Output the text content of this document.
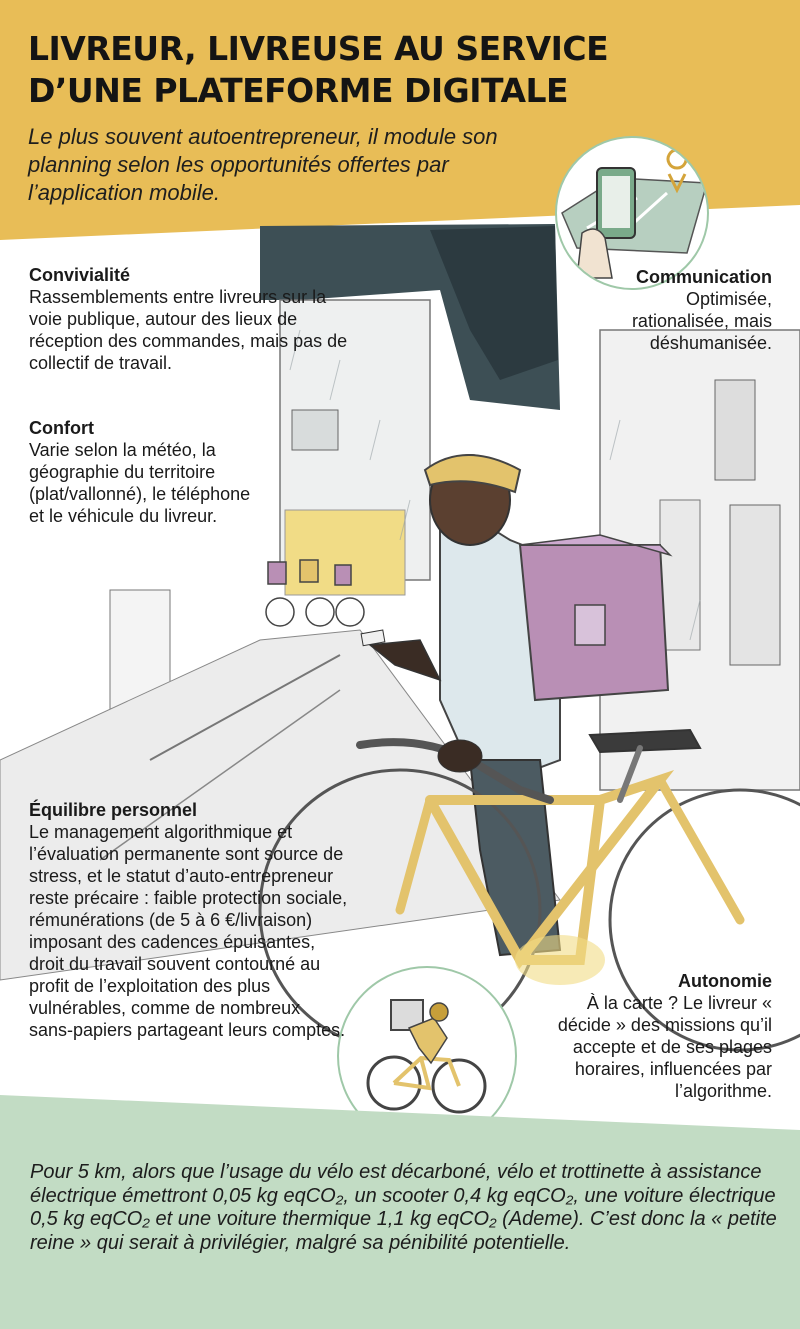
LIVREUR, LIVREUSE AU SERVICE D’UNE PLATEFORME DIGITALE

Le plus souvent autoentrepreneur, il module son planning selon les opportunités offertes par l’application mobile.

Convivialité

Rassemblements entre livreurs sur la voie publique, autour des lieux de réception des commandes, mais pas de collectif de travail.

Confort

Varie selon la météo, la géographie du territoire (plat/vallonné), le téléphone et le véhicule du livreur.

Communication

Optimisée, rationalisée, mais déshumanisée.

Équilibre personnel

Le management algorithmique et l’évaluation permanente sont source de stress, et le statut d’auto-entrepreneur reste précaire : faible protection sociale, rémunérations (de 5 à 6 €/livraison) imposant des cadences épuisantes, droit du travail souvent contourné au profit de l’exploitation des plus vulnérables, comme de nombreux sans-papiers partageant leurs comptes.

Autonomie

À la carte ? Le livreur « décide » des missions qu’il accepte et de ses plages horaires, influencées par l’algorithme.

Pour 5 km, alors que l’usage du vélo est décarboné, vélo et trottinette à assistance électrique émettront 0,05 kg eqCO₂, un scooter 0,4 kg eqCO₂, une voiture électrique 0,5 kg eqCO₂ et une voiture thermique 1,1 kg eqCO₂ (Ademe). C’est donc la « petite reine » qui serait à privilégier, malgré sa pénibilité potentielle.
